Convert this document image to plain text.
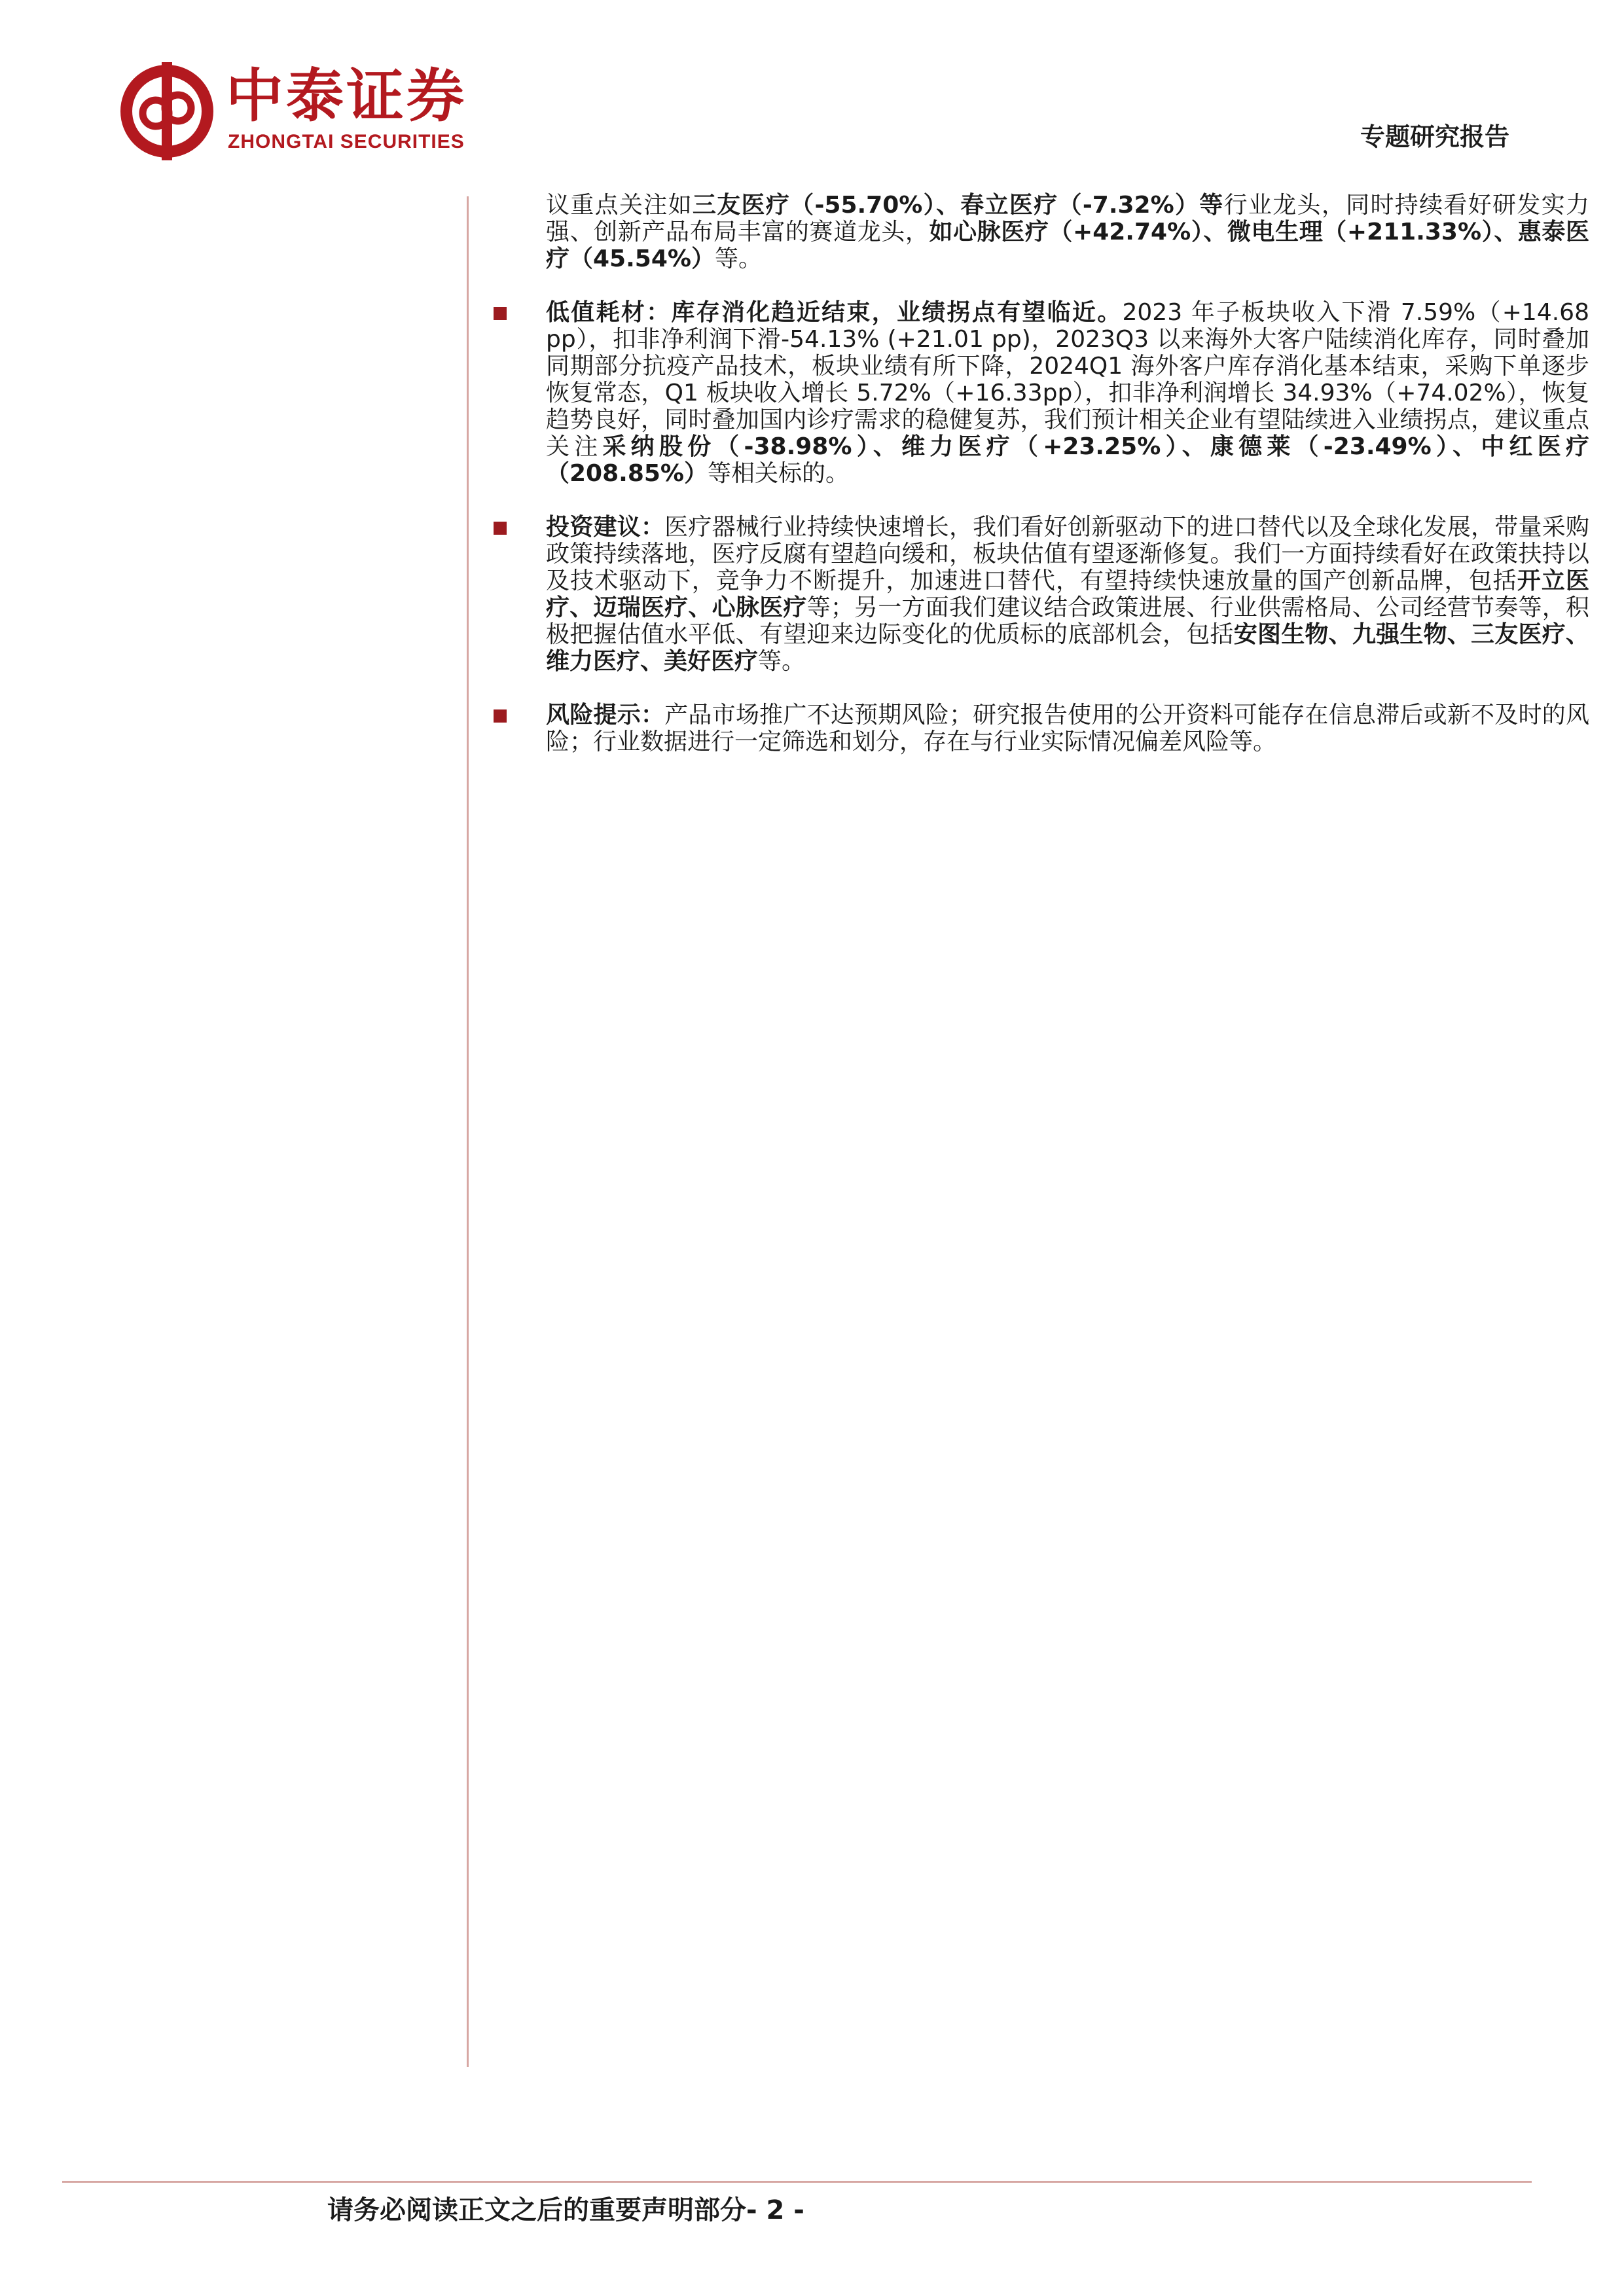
中泰证券
ZHONGTAI SECURITIES	专题研究报告

议重点关注如三友医疗（-55.70%）、春立医疗（-7.32%）等行业龙头，同时持续看好研发实力强、创新产品布局丰富的赛道龙头，如心脉医疗（+42.74%）、微电生理（+211.33%）、惠泰医疗（45.54%）等。

低值耗材：库存消化趋近结束，业绩拐点有望临近。2023 年子板块收入下滑 7.59%（+14.68 pp），扣非净利润下滑-54.13% (+21.01 pp)，2023Q3 以来海外大客户陆续消化库存，同时叠加同期部分抗疫产品技术，板块业绩有所下降，2024Q1 海外客户库存消化基本结束，采购下单逐步恢复常态，Q1 板块收入增长 5.72%（+16.33pp），扣非净利润增长 34.93%（+74.02%），恢复趋势良好，同时叠加国内诊疗需求的稳健复苏，我们预计相关企业有望陆续进入业绩拐点，建议重点关注采纳股份（-38.98%）、维力医疗（+23.25%）、康德莱（-23.49%）、中红医疗（208.85%）等相关标的。

投资建议：医疗器械行业持续快速增长，我们看好创新驱动下的进口替代以及全球化发展，带量采购政策持续落地，医疗反腐有望趋向缓和，板块估值有望逐渐修复。我们一方面持续看好在政策扶持以及技术驱动下，竞争力不断提升，加速进口替代，有望持续快速放量的国产创新品牌，包括开立医疗、迈瑞医疗、心脉医疗等；另一方面我们建议结合政策进展、行业供需格局、公司经营节奏等，积极把握估值水平低、有望迎来边际变化的优质标的底部机会，包括安图生物、九强生物、三友医疗、维力医疗、美好医疗等。

风险提示：产品市场推广不达预期风险；研究报告使用的公开资料可能存在信息滞后或新不及时的风险；行业数据进行一定筛选和划分，存在与行业实际情况偏差风险等。

请务必阅读正文之后的重要声明部分- 2 -
